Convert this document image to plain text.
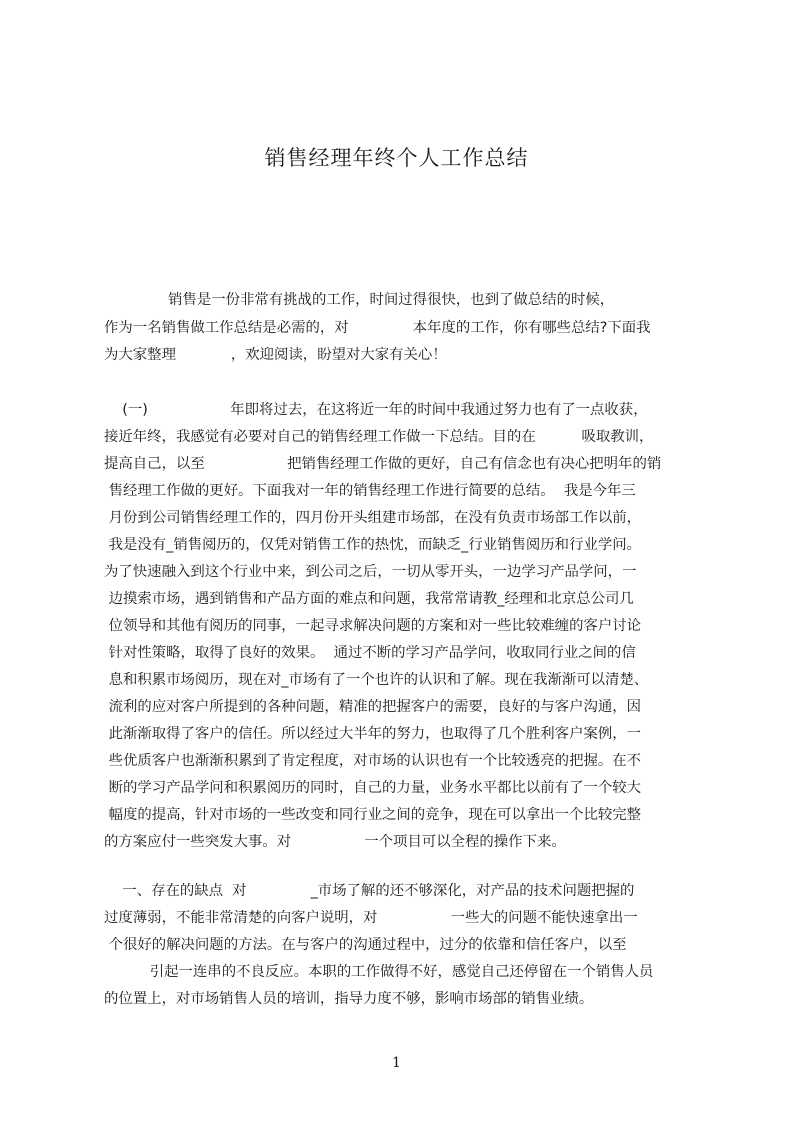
销售经理年终个人工作总结
销售是一份非常有挑战的工作，时间过得很快，也到了做总结的时候，
作为一名销售做工作总结是必需的，对              本年度的工作，你有哪些总结?下面我
为大家整理            ，欢迎阅读，盼望对大家有关心！
(一)                  年即将过去，在这将近一年的时间中我通过努力也有了一点收获，
接近年终，我感觉有必要对自己的销售经理工作做一下总结。目的在          吸取教训，
提高自己，以至                  把销售经理工作做的更好，自己有信念也有决心把明年的销
售经理工作做的更好。下面我对一年的销售经理工作进行简要的总结。  我是今年三
月份到公司销售经理工作的，四月份开头组建市场部，在没有负责市场部工作以前，
我是没有_销售阅历的，仅凭对销售工作的热忱，而缺乏_行业销售阅历和行业学问。
为了快速融入到这个行业中来，到公司之后，一切从零开头，一边学习产品学问，一
边摸索市场，遇到销售和产品方面的难点和问题，我常常请教_经理和北京总公司几
位领导和其他有阅历的同事，一起寻求解决问题的方案和对一些比较难缠的客户讨论
针对性策略，取得了良好的效果。  通过不断的学习产品学问，收取同行业之间的信
息和积累市场阅历，现在对_市场有了一个也许的认识和了解。现在我渐渐可以清楚、
流利的应对客户所提到的各种问题，精准的把握客户的需要，良好的与客户沟通，因
此渐渐取得了客户的信任。所以经过大半年的努力，也取得了几个胜利客户案例，一
些优质客户也渐渐积累到了肯定程度，对市场的认识也有一个比较透亮的把握。在不
断的学习产品学问和积累阅历的同时，自己的力量，业务水平都比以前有了一个较大
幅度的提高，针对市场的一些改变和同行业之间的竞争，现在可以拿出一个比较完整
的方案应付一些突发大事。对                一个项目可以全程的操作下来。
一、存在的缺点  对              _市场了解的还不够深化，对产品的技术问题把握的
过度薄弱，不能非常清楚的向客户说明，对                一些大的问题不能快速拿出一
个很好的解决问题的方法。在与客户的沟通过程中，过分的依靠和信任客户，以至
引起一连串的不良反应。本职的工作做得不好，感觉自己还停留在一个销售人员
的位置上，对市场销售人员的培训，指导力度不够，影响市场部的销售业绩。
1
